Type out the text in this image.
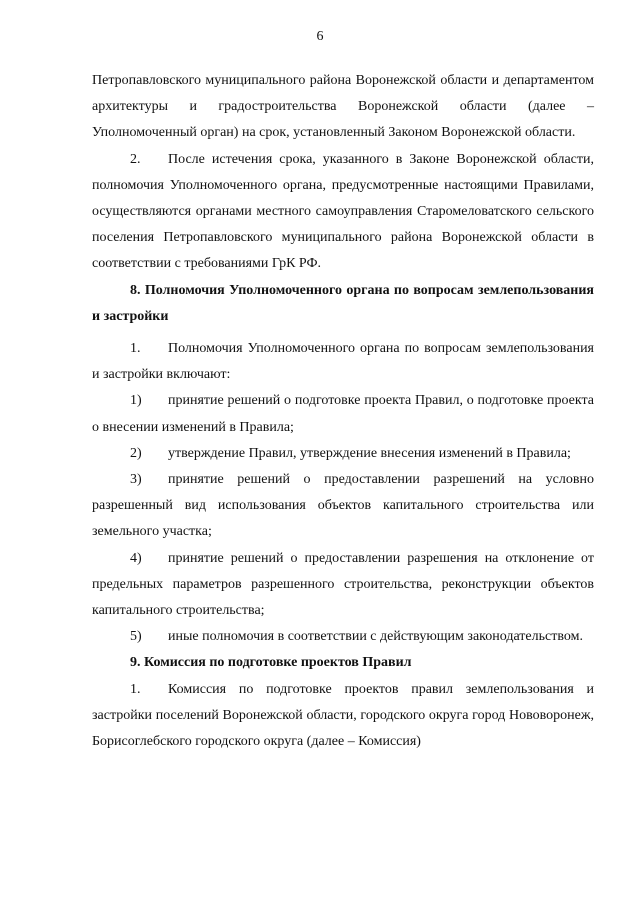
6

Петропавловского муниципального района Воронежской области и департаментом архитектуры и градостроительства Воронежской области (далее – Уполномоченный орган) на срок, установленный Законом Воронежской области.

2. После истечения срока, указанного в Законе Воронежской области, полномочия Уполномоченного органа, предусмотренные настоящими Правилами, осуществляются органами местного самоуправления Старомеловатского сельского поселения Петропавловского муниципального района Воронежской области в соответствии с требованиями ГрК РФ.

8. Полномочия Уполномоченного органа по вопросам землепользования и застройки

1. Полномочия Уполномоченного органа по вопросам землепользования и застройки включают:

1) принятие решений о подготовке проекта Правил, о подготовке проекта о внесении изменений в Правила;

2) утверждение Правил, утверждение внесения изменений в Правила;

3) принятие решений о предоставлении разрешений на условно разрешенный вид использования объектов капитального строительства или земельного участка;

4) принятие решений о предоставлении разрешения на отклонение от предельных параметров разрешенного строительства, реконструкции объектов капитального строительства;

5) иные полномочия в соответствии с действующим законодательством.

9. Комиссия по подготовке проектов Правил

1. Комиссия по подготовке проектов правил землепользования и застройки поселений Воронежской области, городского округа город Нововоронеж, Борисоглебского городского округа (далее – Комиссия)
